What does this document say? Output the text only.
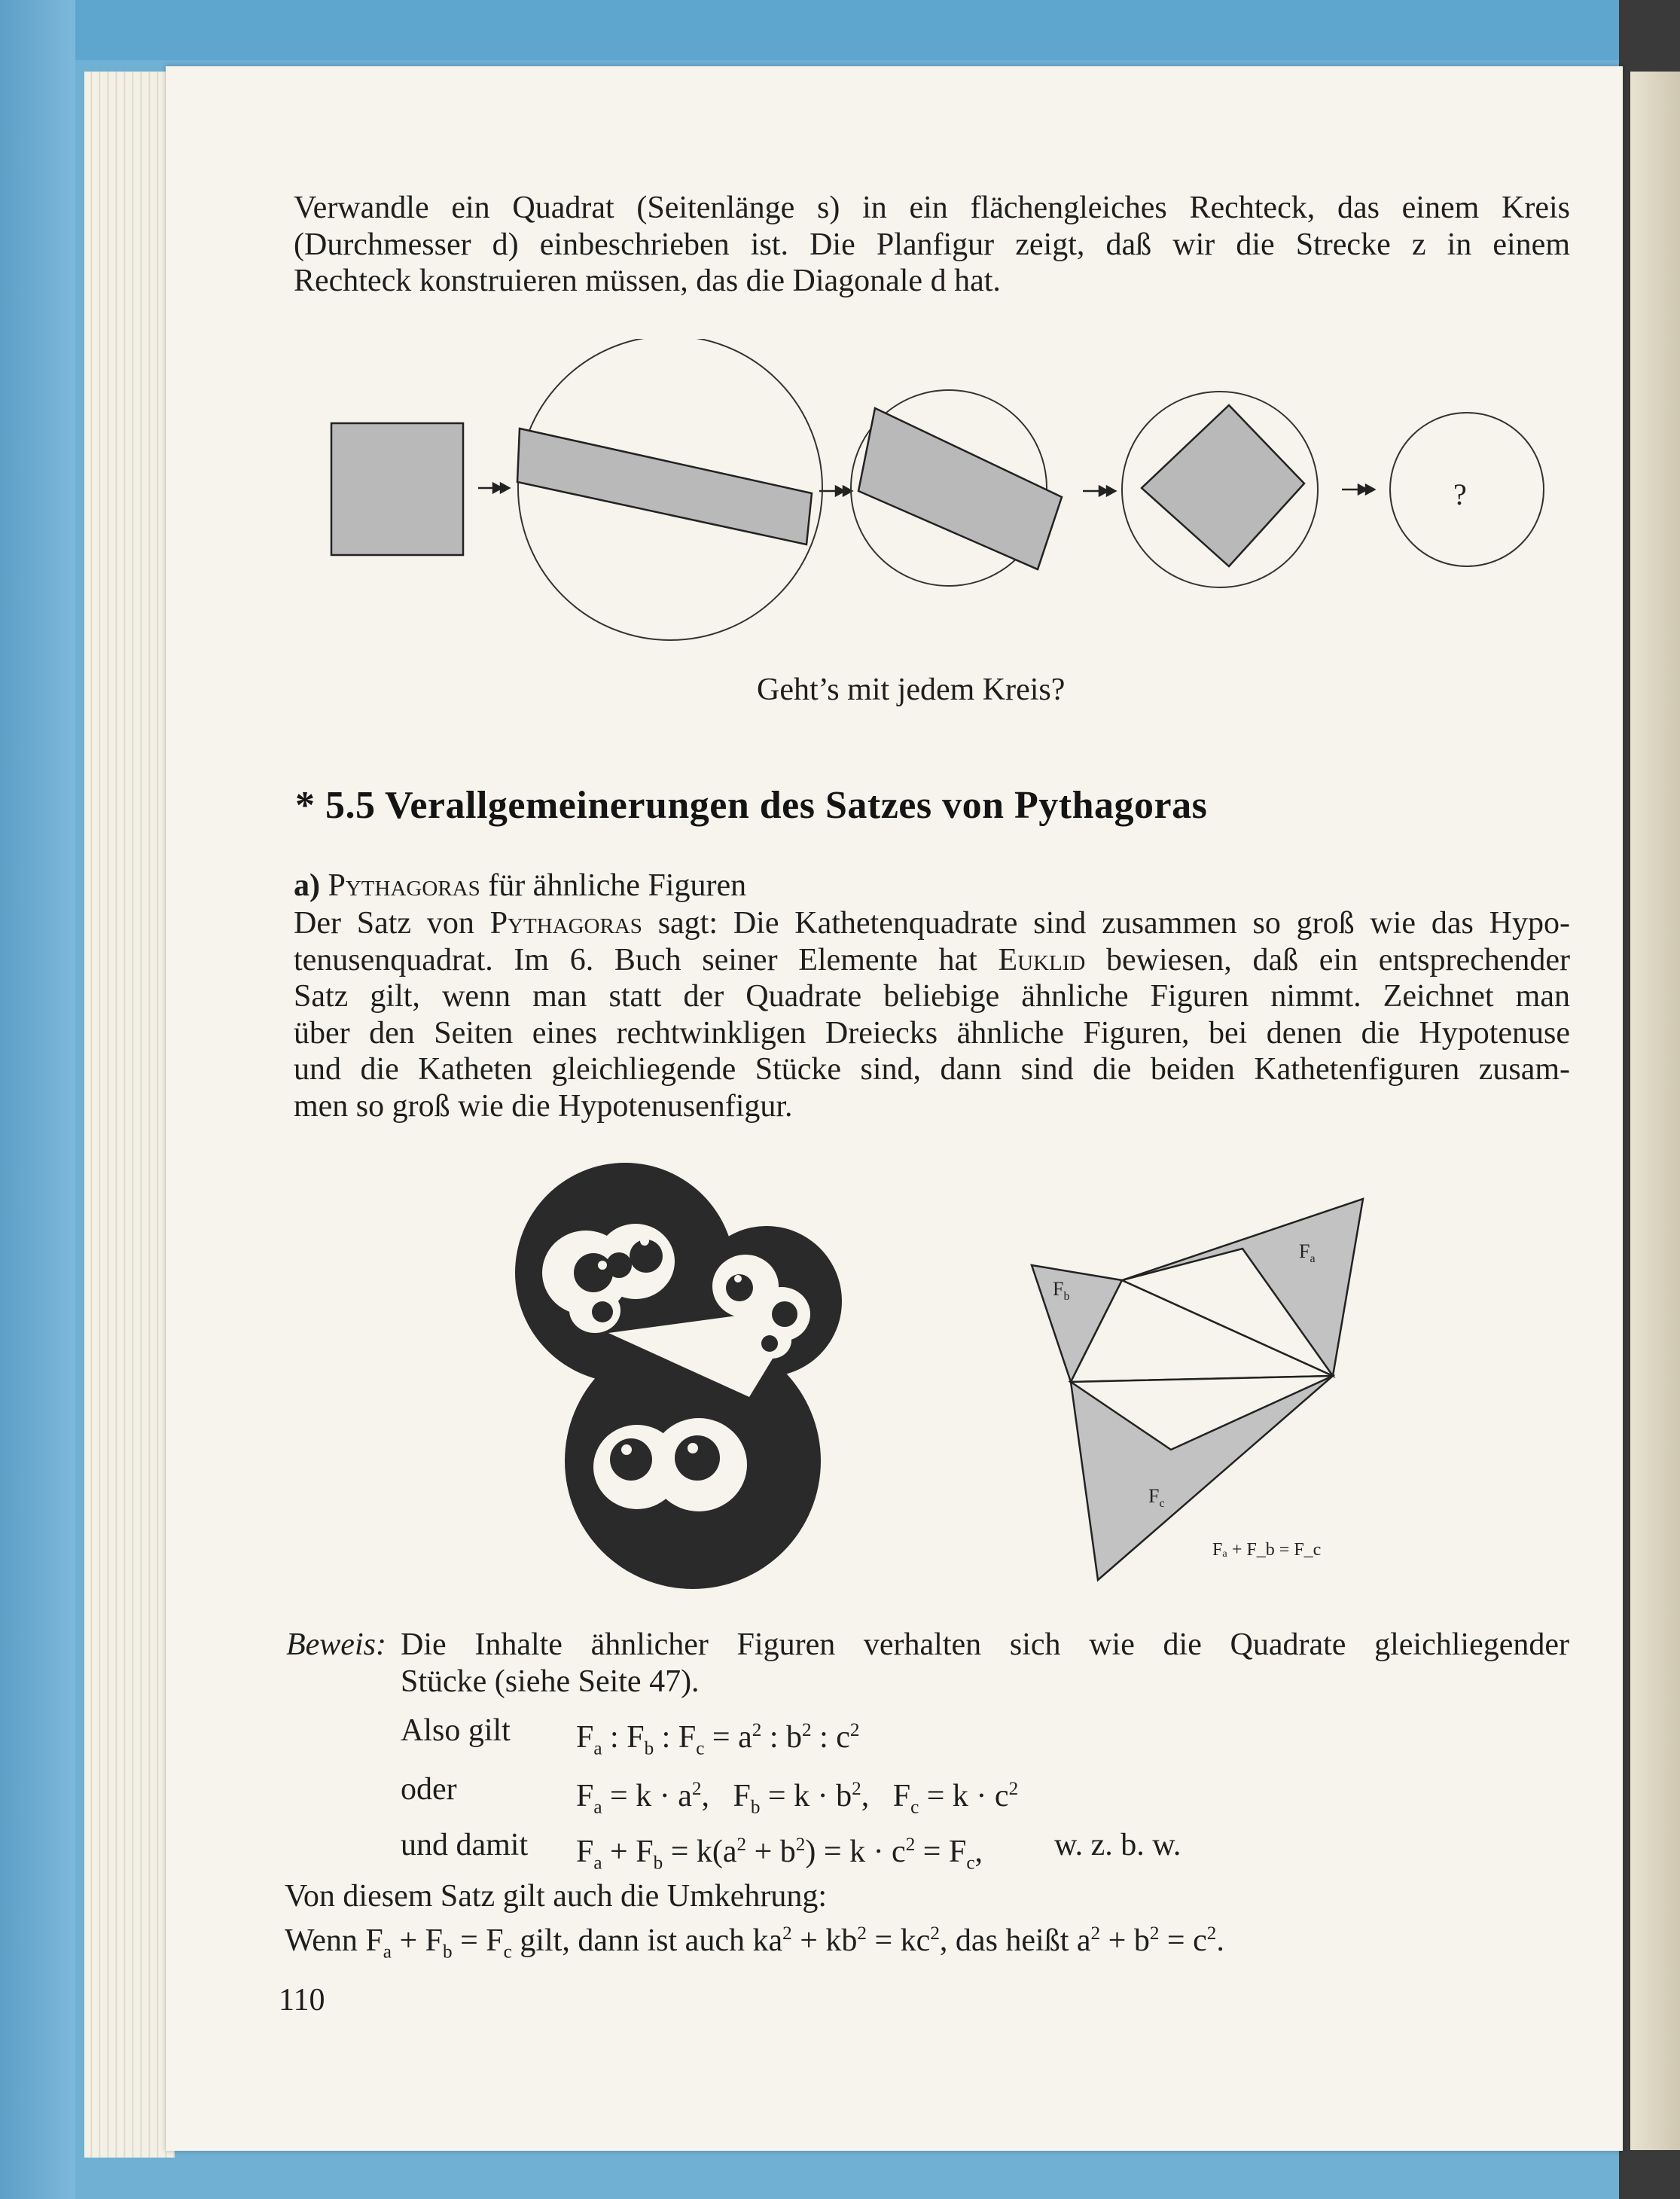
Verwandle ein Quadrat (Seitenlänge s) in ein flächengleiches Rechteck, das einem Kreis
(Durchmesser d) einbeschrieben ist. Die Planfigur zeigt, daß wir die Strecke z in einem
Rechteck konstruieren müssen, das die Diagonale d hat.
?
Geht’s mit jedem Kreis?
* 5.5 Verallgemeinerungen des Satzes von Pythagoras
a) Pythagoras für ähnliche Figuren
Der Satz von Pythagoras sagt: Die Kathetenquadrate sind zusammen so groß wie das Hypo-
tenusenquadrat. Im 6. Buch seiner Elemente hat Euklid bewiesen, daß ein entsprechender
Satz gilt, wenn man statt der Quadrate beliebige ähnliche Figuren nimmt. Zeichnet man
über den Seiten eines rechtwinkligen Dreiecks ähnliche Figuren, bei denen die Hypotenuse
und die Katheten gleichliegende Stücke sind, dann sind die beiden Kathetenfiguren zusam-
men so groß wie die Hypotenusenfigur.
$F_a$
$F_b$
$F_c$
Fₐ + F_b = F_c
Beweis: Die Inhalte ähnlicher Figuren verhalten sich wie die Quadrate gleichliegender
Stücke (siehe Seite 47).
Also gilt $F_a$ : $F_b$ : $F_c = a^2$ : $b^2$ : $c^2$
oder	$F_a = k \cdot a^2$,   $F_b = k \cdot b^2$,   $F_c = k \cdot c^2$
und damit $F_a + F_b = k(a^2 + b^2) = k \cdot c^2 = F_c$, w. z. b. w.
Von diesem Satz gilt auch die Umkehrung:
Wenn $F_a + F_b = F_c$ gilt, dann ist auch $ka^2 + kb^2 = kc^2$, das heißt $a^2 + b^2 = c^2$.
110
